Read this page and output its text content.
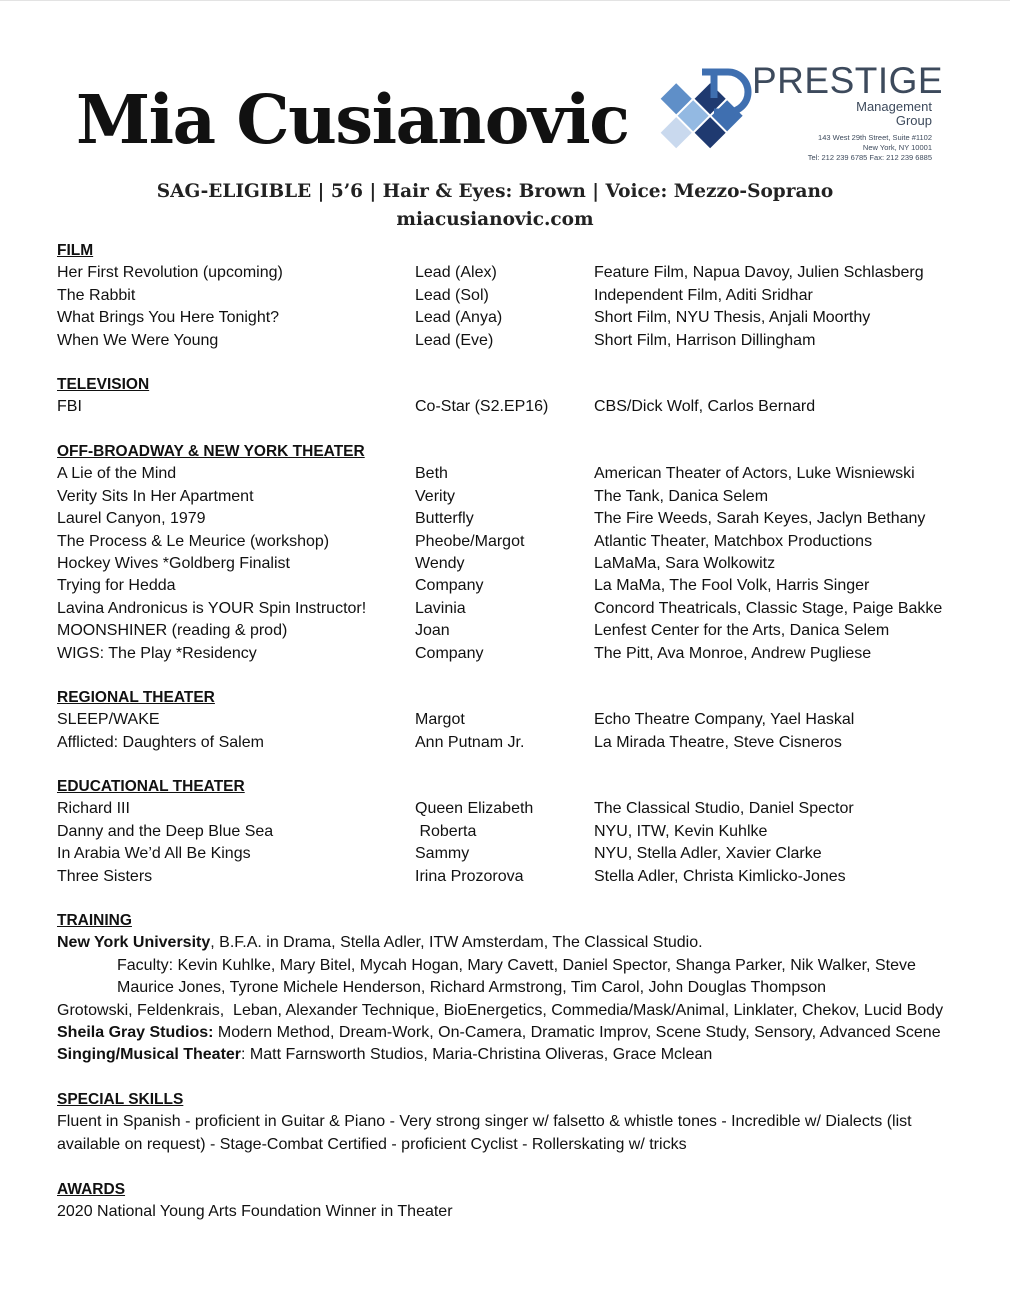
Mia Cusianovic	PRESTIGE
Management
Group
143 West 29th Street, Suite #1102
New York, NY 10001
Tel: 212 239 6785 Fax: 212 239 6885
SAG-ELIGIBLE | 5’6 | Hair & Eyes: Brown | Voice: Mezzo-Soprano
miacusianovic.com
FILM
Her First Revolution (upcoming)	Lead (Alex)	Feature Film, Napua Davoy, Julien Schlasberg
The Rabbit	Lead (Sol)	Independent Film, Aditi Sridhar
What Brings You Here Tonight?	Lead (Anya)	Short Film, NYU Thesis, Anjali Moorthy
When We Were Young	Lead (Eve)	Short Film, Harrison Dillingham
TELEVISION
FBI	Co-Star (S2.EP16)	CBS/Dick Wolf, Carlos Bernard
OFF-BROADWAY & NEW YORK THEATER
A Lie of the Mind	Beth	American Theater of Actors, Luke Wisniewski
Verity Sits In Her Apartment	Verity	The Tank, Danica Selem
Laurel Canyon, 1979	Butterfly	The Fire Weeds, Sarah Keyes, Jaclyn Bethany
The Process & Le Meurice (workshop)	Pheobe/Margot	Atlantic Theater, Matchbox Productions
Hockey Wives *Goldberg Finalist	Wendy	LaMaMa, Sara Wolkowitz
Trying for Hedda	Company	La MaMa, The Fool Volk, Harris Singer
Lavina Andronicus is YOUR Spin Instructor!	Lavinia	Concord Theatricals, Classic Stage, Paige Bakke
MOONSHINER (reading & prod)	Joan	Lenfest Center for the Arts, Danica Selem
WIGS: The Play *Residency	Company	The Pitt, Ava Monroe, Andrew Pugliese
REGIONAL THEATER
SLEEP/WAKE	Margot	Echo Theatre Company, Yael Haskal
Afflicted: Daughters of Salem	Ann Putnam Jr.	La Mirada Theatre, Steve Cisneros
EDUCATIONAL THEATER
Richard III	Queen Elizabeth	The Classical Studio, Daniel Spector
Danny and the Deep Blue Sea	Roberta	NYU, ITW, Kevin Kuhlke
In Arabia We’d All Be Kings	Sammy	NYU, Stella Adler, Xavier Clarke
Three Sisters	Irina Prozorova	Stella Adler, Christa Kimlicko-Jones
TRAINING
New York University, B.F.A. in Drama, Stella Adler, ITW Amsterdam, The Classical Studio.
Faculty: Kevin Kuhlke, Mary Bitel, Mycah Hogan, Mary Cavett, Daniel Spector, Shanga Parker, Nik Walker, Steve
Maurice Jones, Tyrone Michele Henderson, Richard Armstrong, Tim Carol, John Douglas Thompson
Grotowski, Feldenkrais,  Leban, Alexander Technique, BioEnergetics, Commedia/Mask/Animal, Linklater, Chekov, Lucid Body
Sheila Gray Studios: Modern Method, Dream-Work, On-Camera, Dramatic Improv, Scene Study, Sensory, Advanced Scene
Singing/Musical Theater: Matt Farnsworth Studios, Maria-Christina Oliveras, Grace Mclean
SPECIAL SKILLS
Fluent in Spanish - proficient in Guitar & Piano - Very strong singer w/ falsetto & whistle tones - Incredible w/ Dialects (list available on request) - Stage-Combat Certified - proficient Cyclist - Rollerskating w/ tricks
AWARDS
2020 National Young Arts Foundation Winner in Theater
